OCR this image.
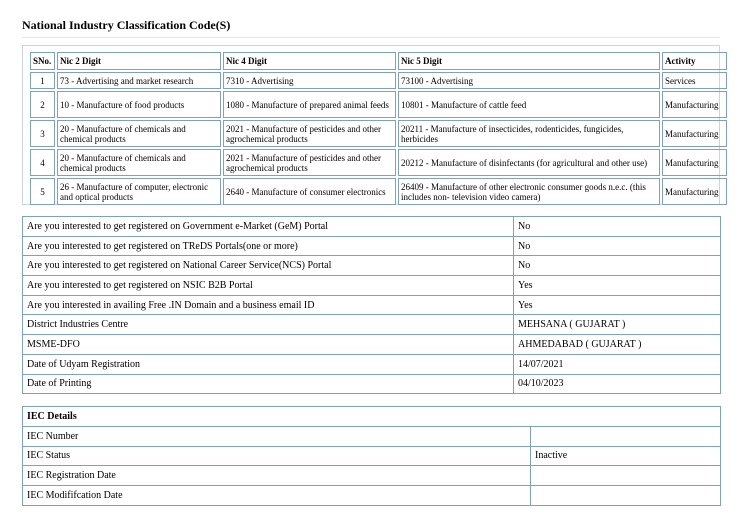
National Industry Classification Code(S)
SNo.	Nic 2 Digit	Nic 4 Digit	Nic 5 Digit	Activity
1	73 - Advertising and market research	7310 - Advertising	73100 - Advertising	Services
2	10 - Manufacture of food products	1080 - Manufacture of prepared animal feeds	10801 - Manufacture of cattle feed	Manufacturing
3	20 - Manufacture of chemicals and chemical products	2021 - Manufacture of pesticides and other agrochemical products	20211 - Manufacture of insecticides, rodenticides, fungicides, herbicides	Manufacturing
4	20 - Manufacture of chemicals and chemical products	2021 - Manufacture of pesticides and other agrochemical products	20212 - Manufacture of disinfectants (for agricultural and other use)	Manufacturing
5	26 - Manufacture of computer, electronic and optical products	2640 - Manufacture of consumer electronics	26409 - Manufacture of other electronic consumer goods n.e.c. (this includes non- television video camera)	Manufacturing
Are you interested to get registered on Government e-Market (GeM) Portal	No
Are you interested to get registered on TReDS Portals(one or more)	No
Are you interested to get registered on National Career Service(NCS) Portal	No
Are you interested to get registered on NSIC B2B Portal	Yes
Are you interested in availing Free .IN Domain and a business email ID	Yes
District Industries Centre	MEHSANA ( GUJARAT )
MSME-DFO	AHMEDABAD ( GUJARAT )
Date of Udyam Registration	14/07/2021
Date of Printing	04/10/2023
IEC Details	
IEC Number	
IEC Status	Inactive
IEC Registration Date	
IEC Modififcation Date	
